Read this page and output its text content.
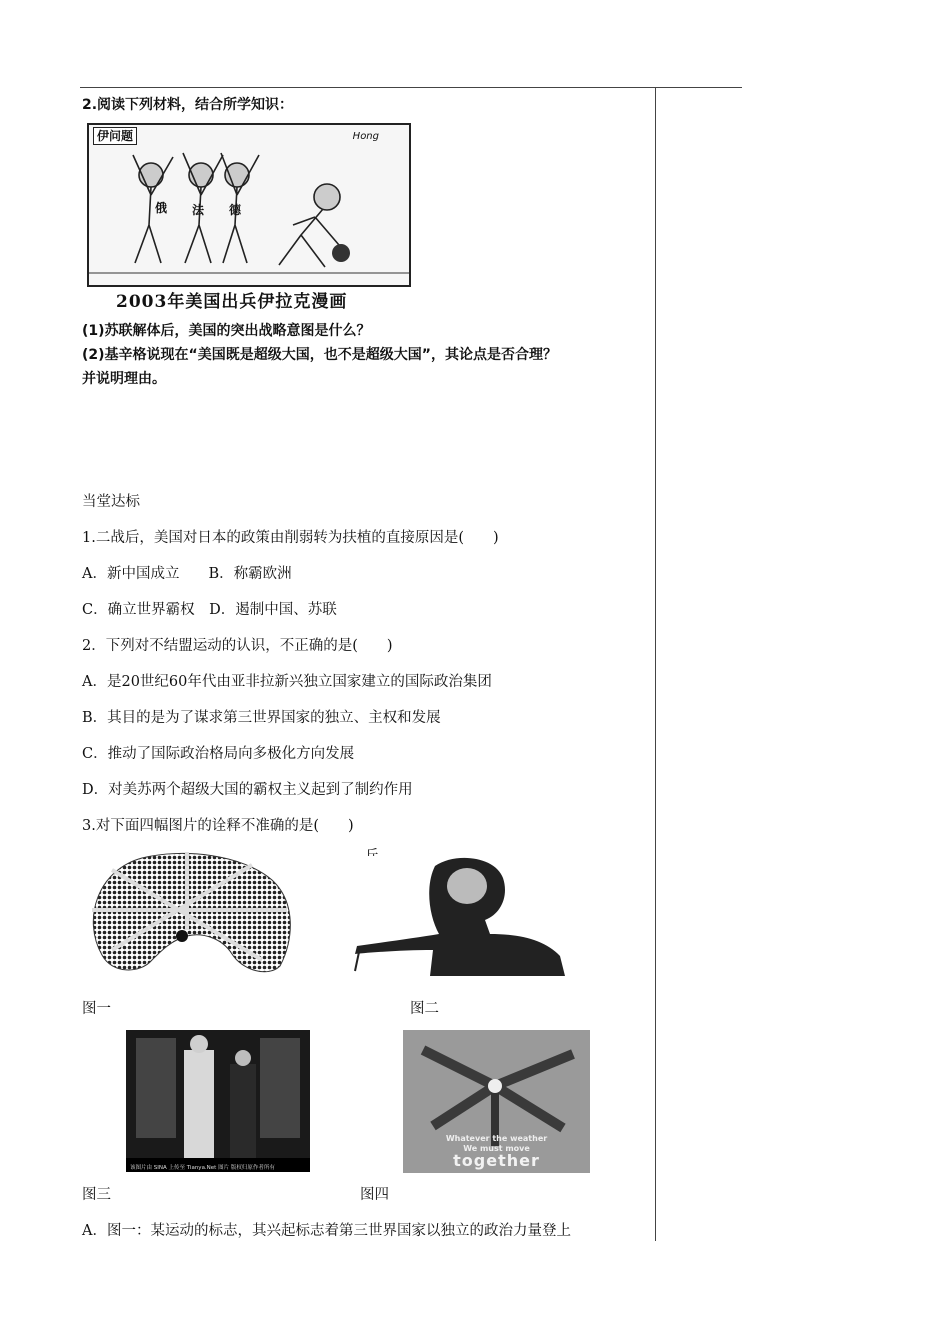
2.阅读下列材料，结合所学知识：
伊问题	Hong
俄 法 德
2003年美国出兵伊拉克漫画
(1)苏联解体后，美国的突出战略意图是什么？
(2)基辛格说现在“美国既是超级大国，也不是超级大国”，其论点是否合理？
并说明理由。
当堂达标
1.二战后，美国对日本的政策由削弱转为扶植的直接原因是(　　)
A．新中国成立　　B．称霸欧洲
C．确立世界霸权　D．遏制中国、苏联
2．下列对不结盟运动的认识，不正确的是(　　)
A．是20世纪60年代由亚非拉新兴独立国家建立的国际政治集团
B．其目的是为了谋求第三世界国家的独立、主权和发展
C．推动了国际政治格局向多极化方向发展
D．对美苏两个超级大国的霸权主义起到了制约作用
3.对下面四幅图片的诠释不准确的是(　　)
图一	图二
该图片由 SINA 上传至 Tianya.Net 图片 版权归原作者所有
Whatever the weather
We must move
together
图三	图四
A．图一：某运动的标志，其兴起标志着第三世界国家以独立的政治力量登上
